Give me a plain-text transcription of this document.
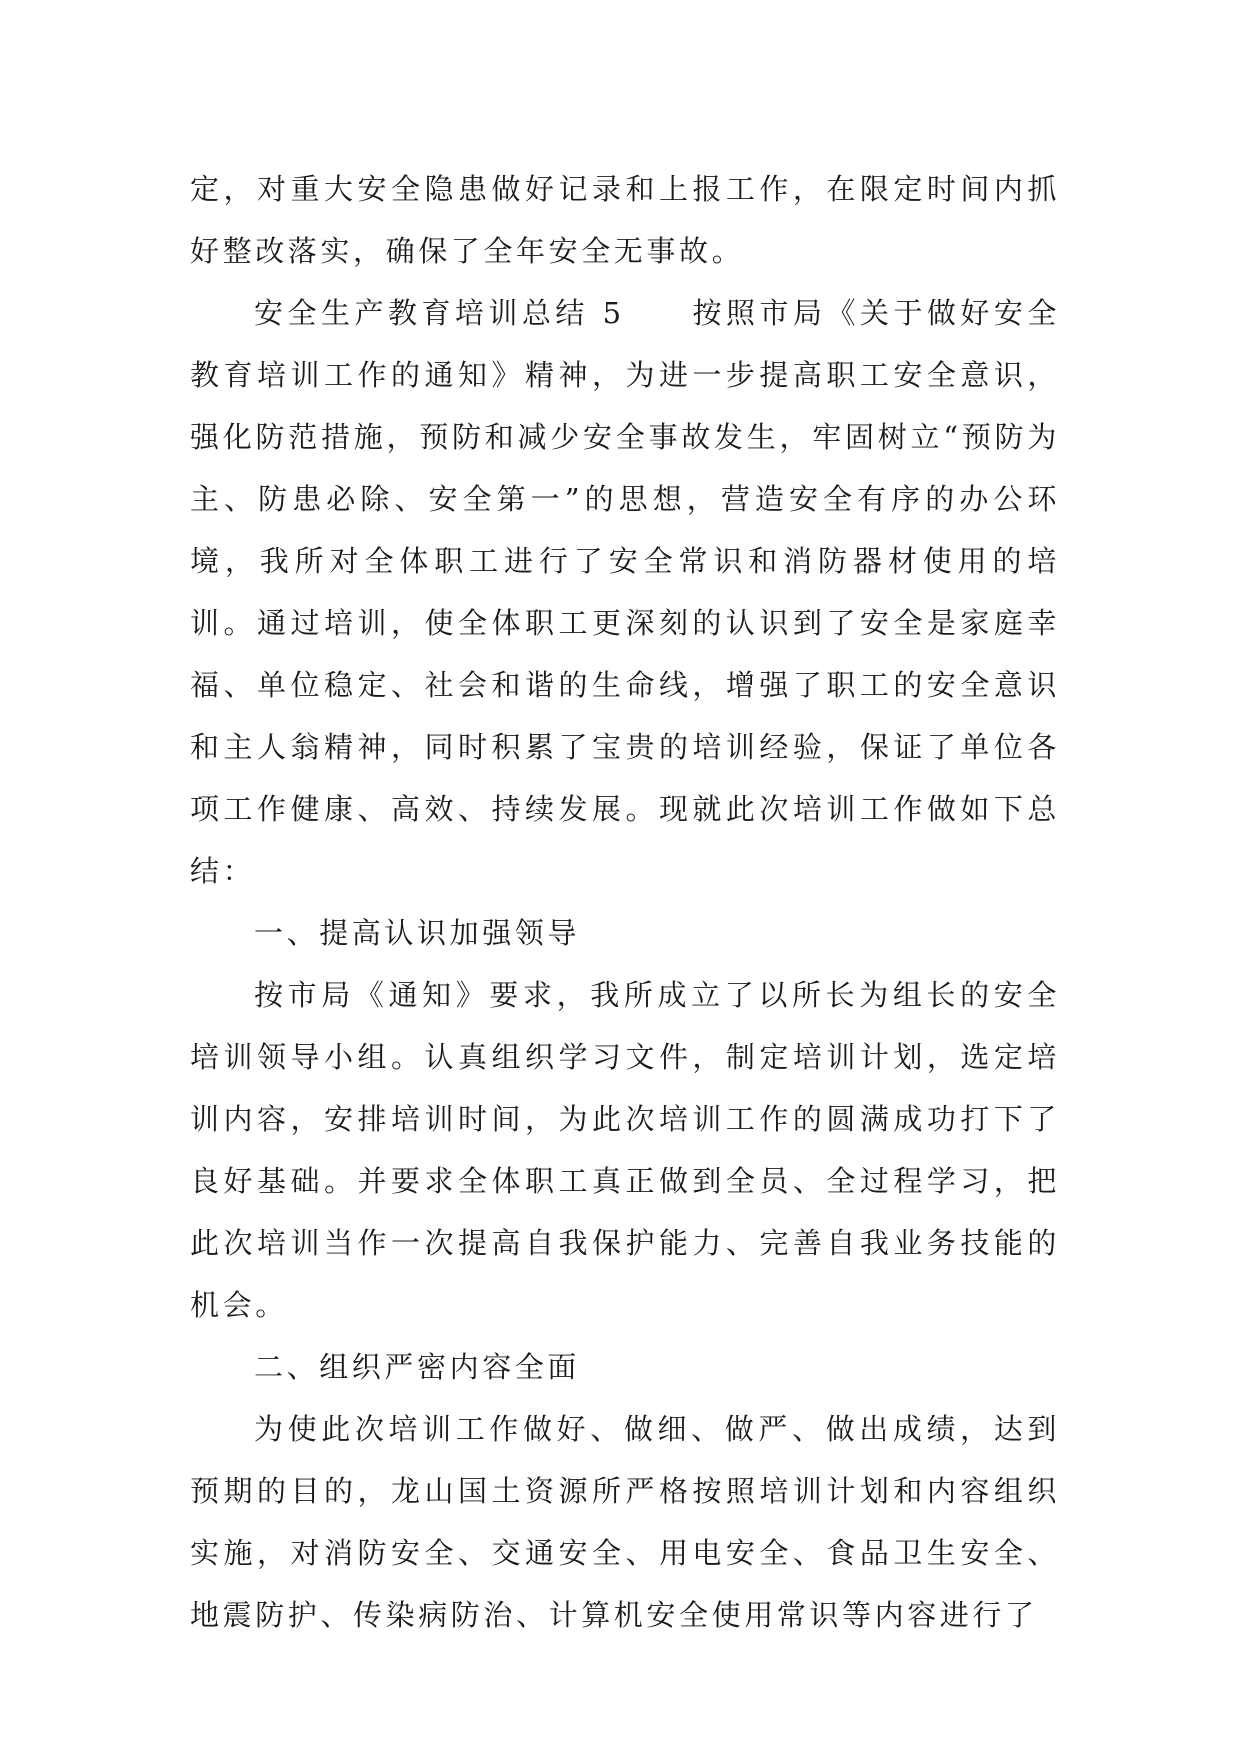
定，对重大安全隐患做好记录和上报工作，在限定时间内抓好整改落实，确保了全年安全无事故。

安全生产教育培训总结 5　　按照市局《关于做好安全教育培训工作的通知》精神，为进一步提高职工安全意识，强化防范措施，预防和减少安全事故发生，牢固树立“预防为主、防患必除、安全第一”的思想，营造安全有序的办公环境，我所对全体职工进行了安全常识和消防器材使用的培训。通过培训，使全体职工更深刻的认识到了安全是家庭幸福、单位稳定、社会和谐的生命线，增强了职工的安全意识和主人翁精神，同时积累了宝贵的培训经验，保证了单位各项工作健康、高效、持续发展。现就此次培训工作做如下总结：

一、提高认识加强领导

按市局《通知》要求，我所成立了以所长为组长的安全培训领导小组。认真组织学习文件，制定培训计划，选定培训内容，安排培训时间，为此次培训工作的圆满成功打下了良好基础。并要求全体职工真正做到全员、全过程学习，把此次培训当作一次提高自我保护能力、完善自我业务技能的机会。

二、组织严密内容全面

为使此次培训工作做好、做细、做严、做出成绩，达到预期的目的，龙山国土资源所严格按照培训计划和内容组织实施，对消防安全、交通安全、用电安全、食品卫生安全、地震防护、传染病防治、计算机安全使用常识等内容进行了
